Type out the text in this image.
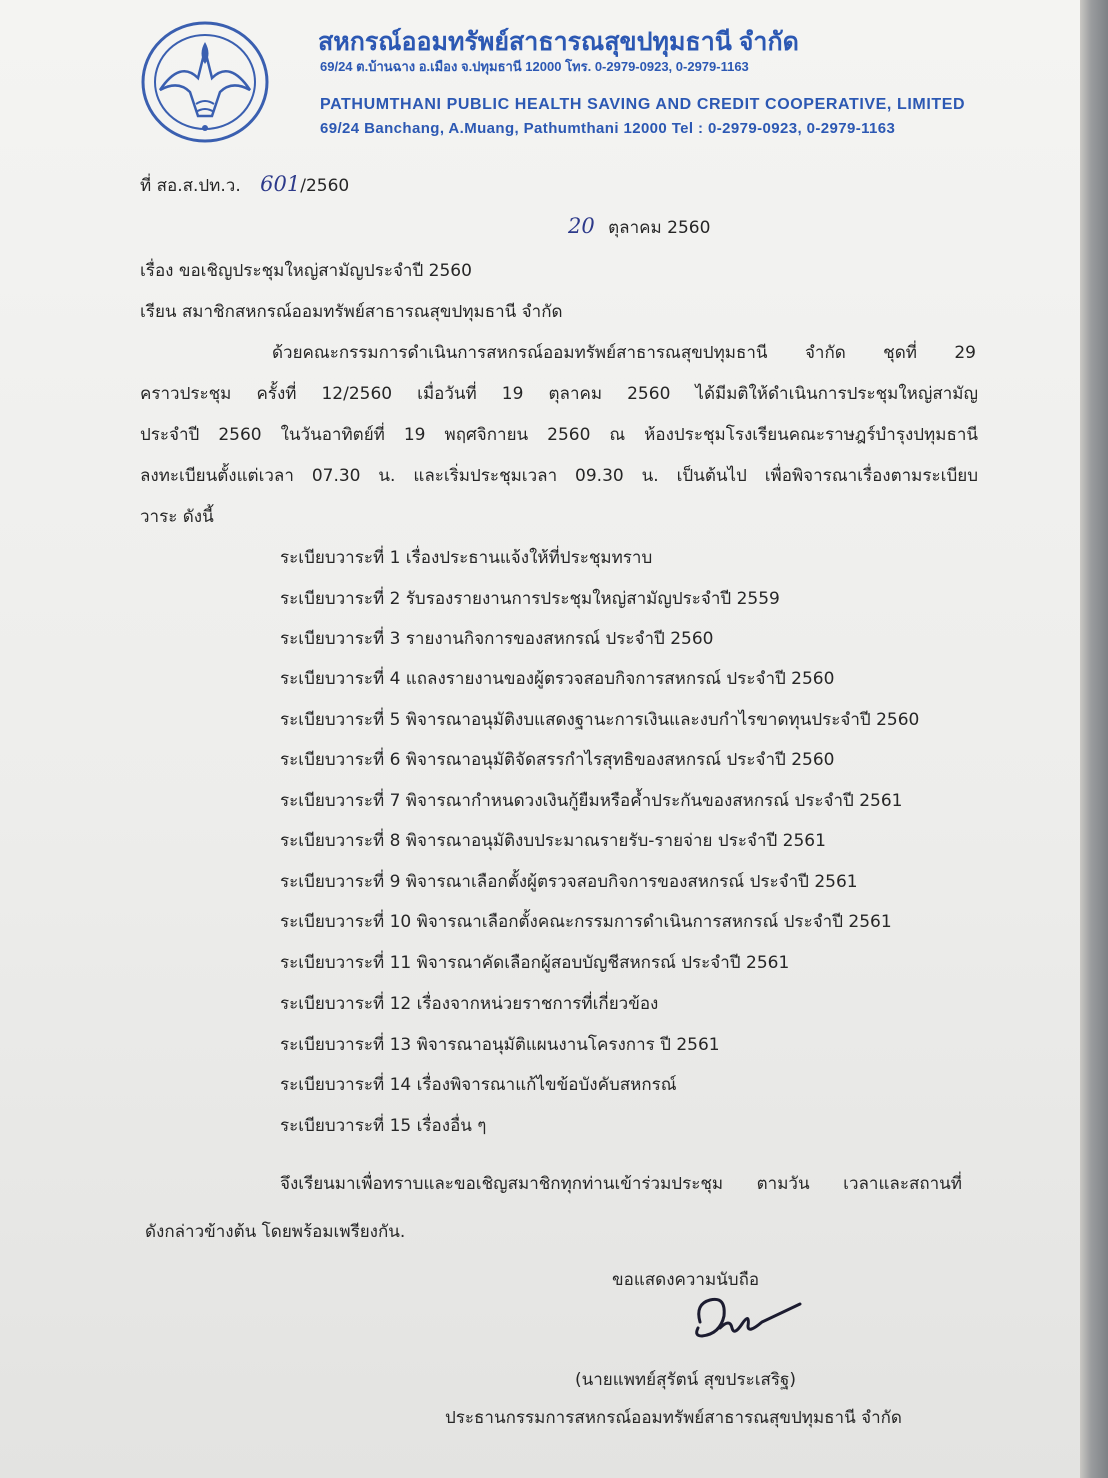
สหกรณ์ออมทรัพย์สาธารณสุขปทุมธานี จำกัด
69/24 ต.บ้านฉาง อ.เมือง จ.ปทุมธานี 12000 โทร. 0-2979-0923, 0-2979-1163
PATHUMTHANI PUBLIC HEALTH SAVING AND CREDIT COOPERATIVE, LIMITED
69/24 Banchang, A.Muang, Pathumthani 12000 Tel : 0-2979-0923, 0-2979-1163
ที่ สอ.ส.ปท.ว. 601/2560
20 ตุลาคม 2560
เรื่อง ขอเชิญประชุมใหญ่สามัญประจำปี 2560
เรียน สมาชิกสหกรณ์ออมทรัพย์สาธารณสุขปทุมธานี จำกัด
ด้วยคณะกรรมการดำเนินการสหกรณ์ออมทรัพย์สาธารณสุขปทุมธานี จำกัด ชุดที่ 29
คราวประชุม ครั้งที่ 12/2560 เมื่อวันที่ 19 ตุลาคม 2560 ได้มีมติให้ดำเนินการประชุมใหญ่สามัญ
ประจำปี 2560 ในวันอาทิตย์ที่ 19 พฤศจิกายน 2560 ณ ห้องประชุมโรงเรียนคณะราษฎร์บำรุงปทุมธานี
ลงทะเบียนตั้งแต่เวลา 07.30 น. และเริ่มประชุมเวลา 09.30 น. เป็นต้นไป เพื่อพิจารณาเรื่องตามระเบียบ
วาระ ดังนี้
ระเบียบวาระที่ 1 เรื่องประธานแจ้งให้ที่ประชุมทราบ
ระเบียบวาระที่ 2 รับรองรายงานการประชุมใหญ่สามัญประจำปี 2559
ระเบียบวาระที่ 3 รายงานกิจการของสหกรณ์ ประจำปี 2560
ระเบียบวาระที่ 4 แถลงรายงานของผู้ตรวจสอบกิจการสหกรณ์ ประจำปี 2560
ระเบียบวาระที่ 5 พิจารณาอนุมัติงบแสดงฐานะการเงินและงบกำไรขาดทุนประจำปี 2560
ระเบียบวาระที่ 6 พิจารณาอนุมัติจัดสรรกำไรสุทธิของสหกรณ์ ประจำปี 2560
ระเบียบวาระที่ 7 พิจารณากำหนดวงเงินกู้ยืมหรือค้ำประกันของสหกรณ์ ประจำปี 2561
ระเบียบวาระที่ 8 พิจารณาอนุมัติงบประมาณรายรับ-รายจ่าย ประจำปี 2561
ระเบียบวาระที่ 9 พิจารณาเลือกตั้งผู้ตรวจสอบกิจการของสหกรณ์ ประจำปี 2561
ระเบียบวาระที่ 10 พิจารณาเลือกตั้งคณะกรรมการดำเนินการสหกรณ์ ประจำปี 2561
ระเบียบวาระที่ 11 พิจารณาคัดเลือกผู้สอบบัญชีสหกรณ์ ประจำปี 2561
ระเบียบวาระที่ 12 เรื่องจากหน่วยราชการที่เกี่ยวข้อง
ระเบียบวาระที่ 13 พิจารณาอนุมัติแผนงานโครงการ ปี 2561
ระเบียบวาระที่ 14 เรื่องพิจารณาแก้ไขข้อบังคับสหกรณ์
ระเบียบวาระที่ 15 เรื่องอื่น ๆ
จึงเรียนมาเพื่อทราบและขอเชิญสมาชิกทุกท่านเข้าร่วมประชุม ตามวัน เวลาและสถานที่
ดังกล่าวข้างต้น โดยพร้อมเพรียงกัน.
ขอแสดงความนับถือ
(นายแพทย์สุรัตน์ สุขประเสริฐ)
ประธานกรรมการสหกรณ์ออมทรัพย์สาธารณสุขปทุมธานี จำกัด
